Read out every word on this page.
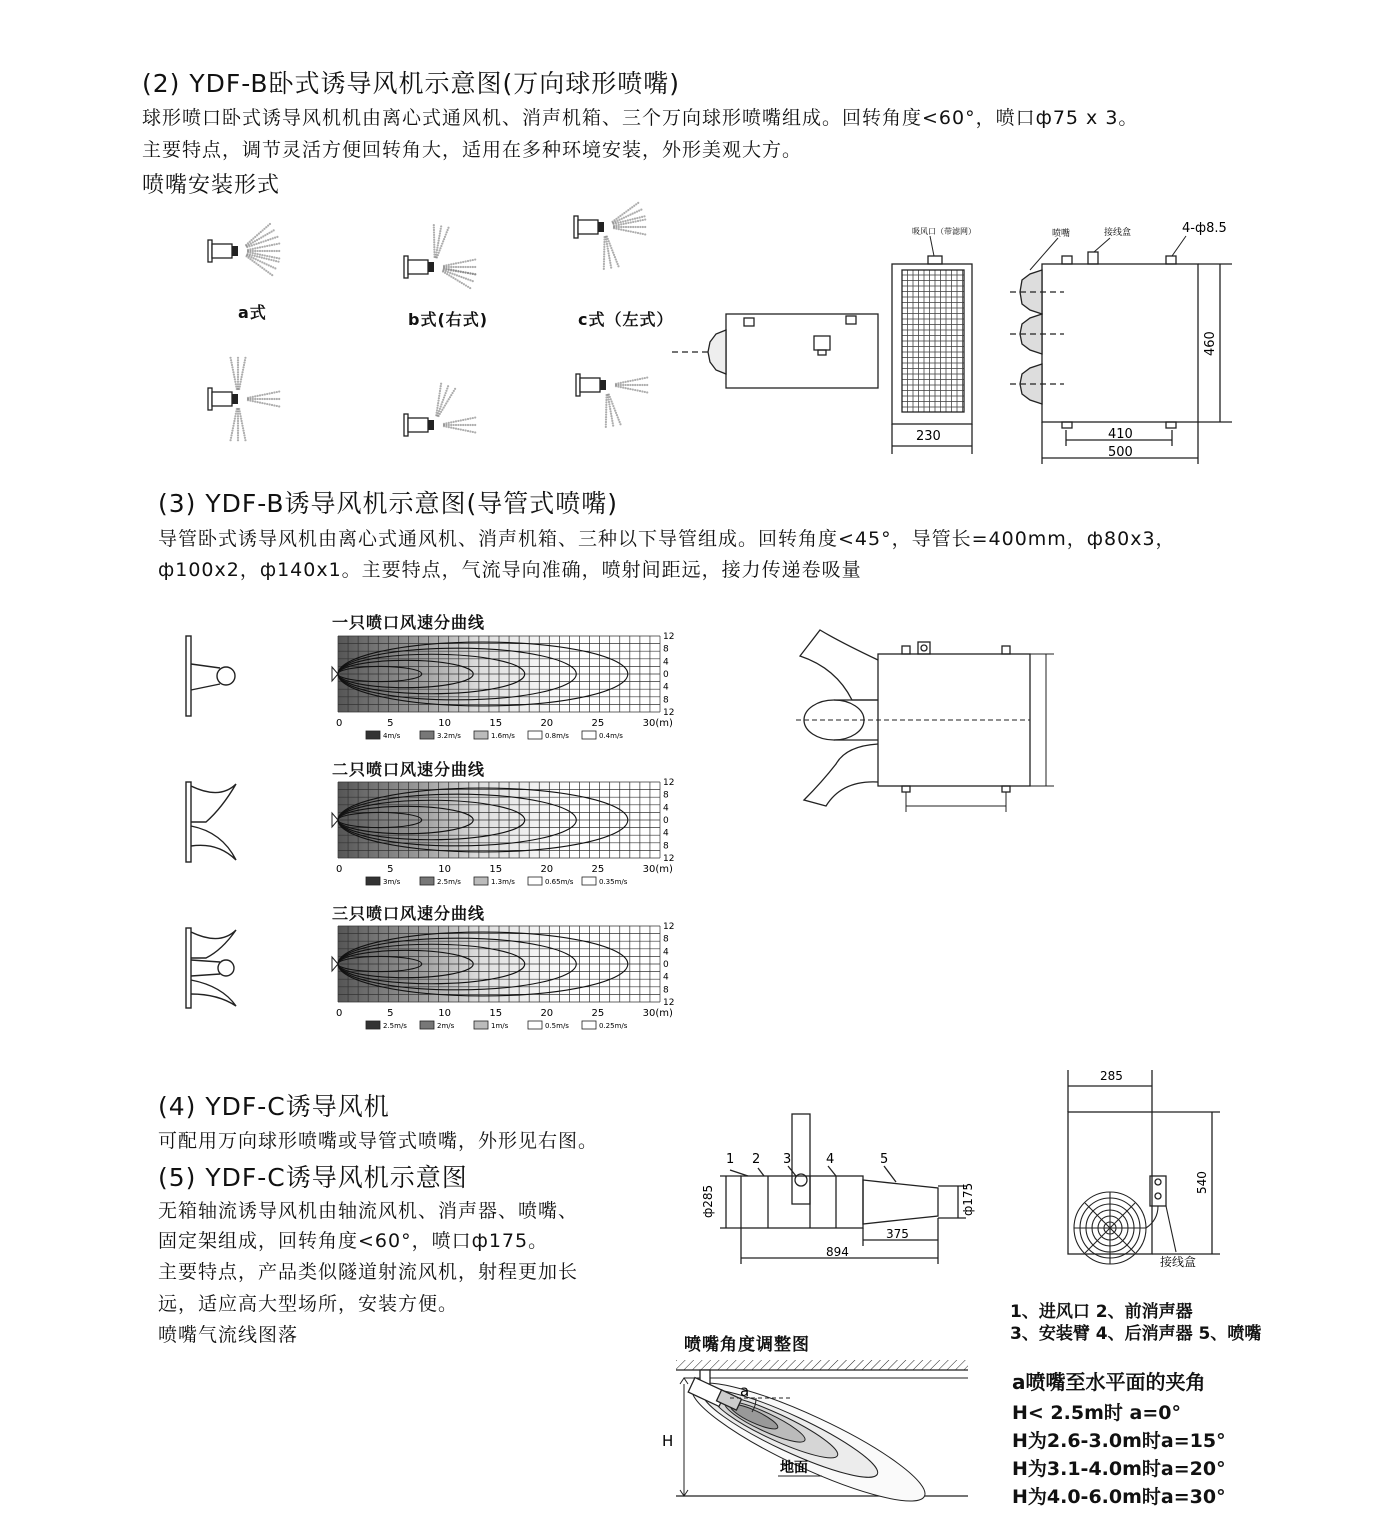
(2) YDF-B卧式诱导风机示意图(万向球形喷嘴)
球形喷口卧式诱导风机机由离心式通风机、消声机箱、三个万向球形喷嘴组成。回转角度<60°，喷口ф75 x 3。
主要特点，调节灵活方便回转角大，适用在多种环境安装，外形美观大方。
喷嘴安装形式
a式	b式(右式)	c式（左式）
230
吸风口（带滤网）	喷嘴	接线盒	4-ф8.5
460
410
500
(3) YDF-B诱导风机示意图(导管式喷嘴)
导管卧式诱导风机由离心式通风机、消声机箱、三种以下导管组成。回转角度<45°，导管长=400mm，ф80x3，
ф100x2，ф140x1。主要特点，气流导向准确，喷射间距远，接力传递卷吸量
12
8
4
0
4
8
12
0	5	10	15	20	25	30(m)
4m/s	3.2m/s	1.6m/s	0.8m/s	0.4m/s
12
8
4
0
4
8
12
0	5	10	15	20	25	30(m)
3m/s	2.5m/s	1.3m/s	0.65m/s	0.35m/s
12
8
4
0
4
8
12
0	5	10	15	20	25	30(m)
2.5m/s	2m/s	1m/s	0.5m/s	0.25m/s
一只喷口风速分曲线
二只喷口风速分曲线
三只喷口风速分曲线
(4) YDF-C诱导风机
可配用万向球形喷嘴或导管式喷嘴，外形见右图。
(5) YDF-C诱导风机示意图
无箱轴流诱导风机由轴流风机、消声器、喷嘴、
固定架组成，回转角度<60°，喷口ф175。
主要特点，产品类似隧道射流风机，射程更加长
远，适应高大型场所，安装方便。
喷嘴气流线图落
1 2 3	4	5
ф285	ф175
375
894
285
540
接线盒
1、进风口 2、前消声器
3、安装臂 4、后消声器 5、喷嘴
喷嘴角度调整图
a
H
地面
a喷嘴至水平面的夹角
H< 2.5m时 a=0°
H为2.6-3.0m时a=15°
H为3.1-4.0m时a=20°
H为4.0-6.0m时a=30°
